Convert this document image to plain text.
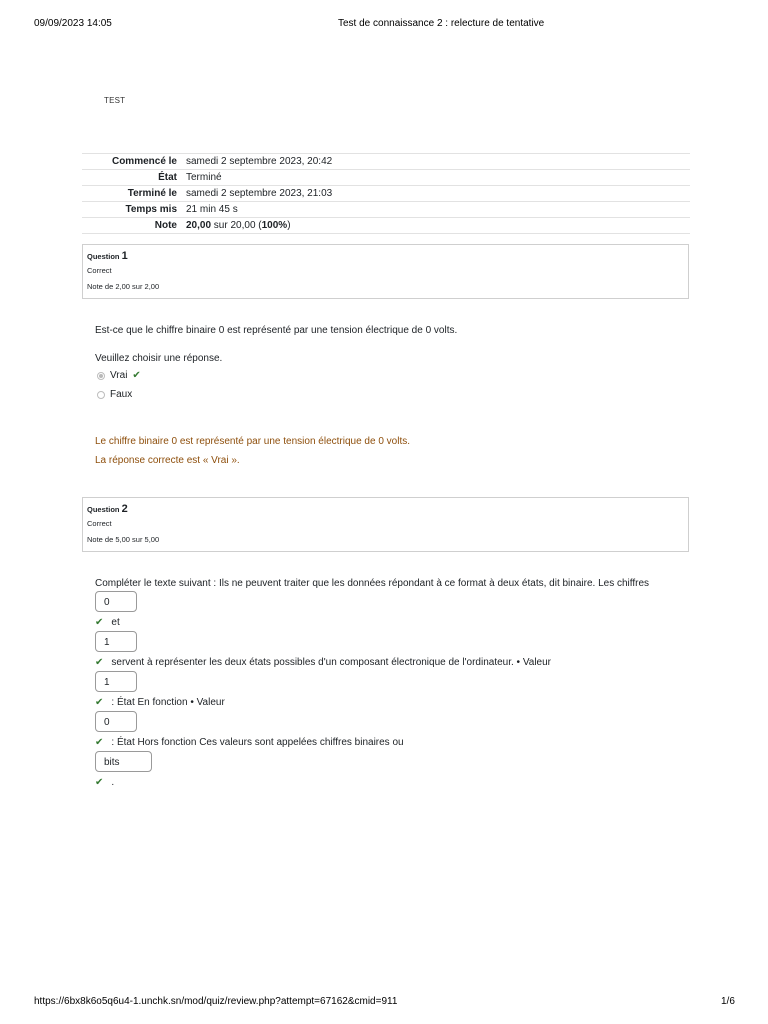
09/09/2023 14:05	Test de connaissance 2 : relecture de tentative
TEST
Commencé le	samedi 2 septembre 2023, 20:42
État	Terminé
Terminé le	samedi 2 septembre 2023, 21:03
Temps mis	21 min 45 s
Note	20,00 sur 20,00 (100%)
Question 1
Correct
Note de 2,00 sur 2,00
Est-ce que le chiffre binaire 0 est représenté par une tension électrique de 0 volts.
Veuillez choisir une réponse.
Vrai ✔
Faux
Le chiffre binaire 0 est représenté par une tension électrique de 0 volts.
La réponse correcte est « Vrai ».
Question 2
Correct
Note de 5,00 sur 5,00
Compléter le texte suivant : Ils ne peuvent traiter que les données répondant à ce format à deux états, dit binaire. Les chiffres
0
✔ et
1
✔ servent à représenter les deux états possibles d'un composant électronique de l'ordinateur. • Valeur
1
✔ : État En fonction • Valeur
0
✔ : État Hors fonction Ces valeurs sont appelées chiffres binaires ou
bits
✔ .
https://6bx8k6o5q6u4-1.unchk.sn/mod/quiz/review.php?attempt=67162&cmid=911	1/6
